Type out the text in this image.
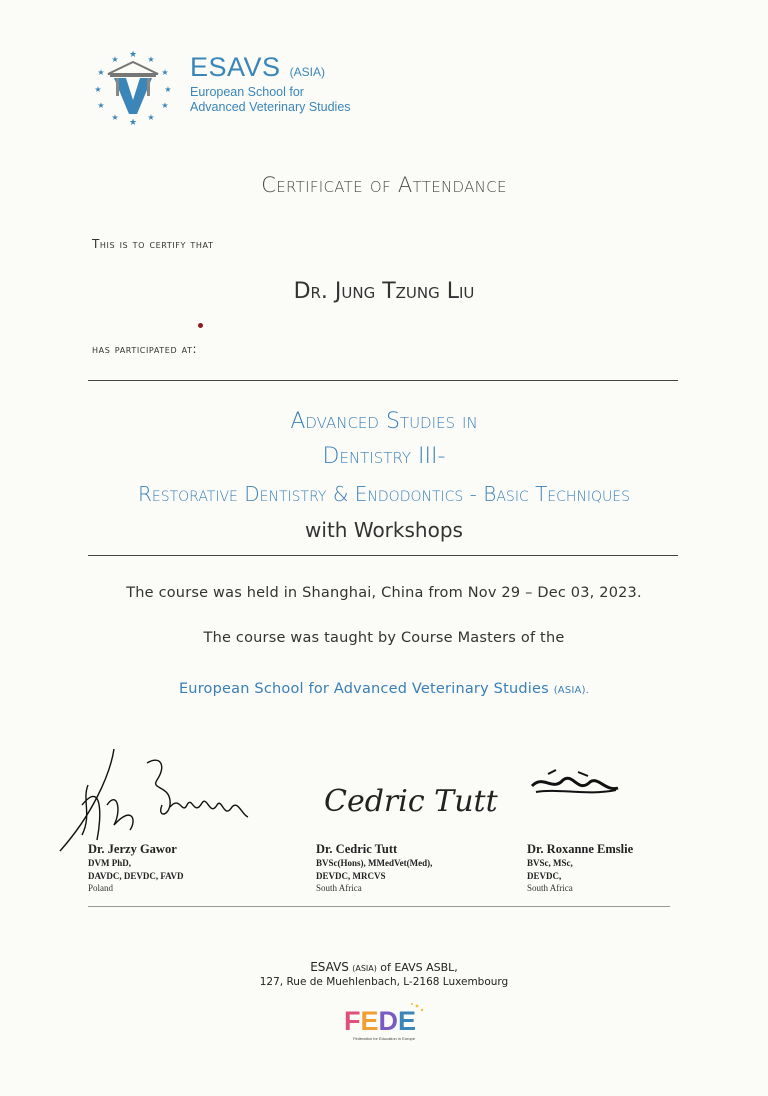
★
★	★
★	★
★	★
★	★
★	★
★
ESAVS (ASIA)
European School for
Advanced Veterinary Studies
Certificate of Attendance
This is to certify that
Dr. Jung Tzung Liu
has participated at:
Advanced Studies in
Dentistry III-
Restorative Dentistry & Endodontics - Basic Techniques
with Workshops
The course was held in Shanghai, China from Nov 29 – Dec 03, 2023.
The course was taught by Course Masters of the
European School for Advanced Veterinary Studies (ASIA).
Cedric Tutt
Dr. Jerzy Gawor
DVM PhD,
DAVDC, DEVDC, FAVD
Poland
Dr. Cedric Tutt
BVSc(Hons), MMedVet(Med),
DEVDC, MRCVS
South Africa
Dr. Roxanne Emslie
BVSc, MSc,
DEVDC,
South Africa
ESAVS (ASIA) of EAVS ASBL,
127, Rue de Muehlenbach, L-2168 Luxembourg
FEDE
Fédération for Education in Europe
